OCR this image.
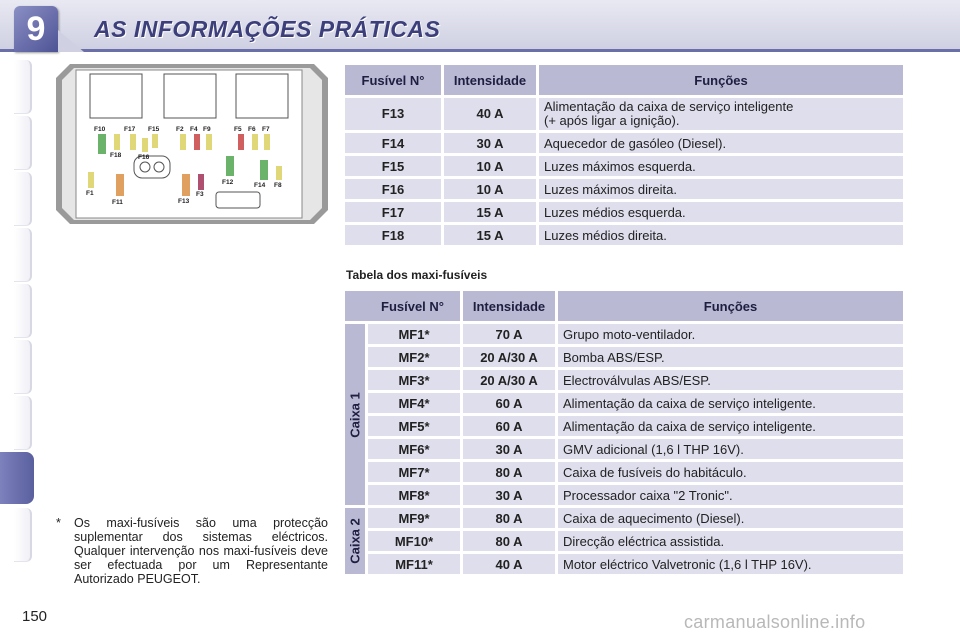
9	AS INFORMAÇÕES PRÁTICAS
F10	F17 F15	F2 F4 F9	F5 F6 F7
F18	F16
F12	F14 F8
F1
F11	F13
F3
Fusível N°	Intensidade	Funções
F13	40 A	Alimentação da caixa de serviço inteligente
(+ após ligar a ignição).
F14	30 A	Aquecedor de gasóleo (Diesel).
F15	10 A	Luzes máximos esquerda.
F16	10 A	Luzes máximos direita.
F17	15 A	Luzes médios esquerda.
F18	15 A	Luzes médios direita.
Tabela dos maxi-fusíveis
Fusível N°		Intensidade	Funções

Caixa 1	MF1*	70 A	Grupo moto-ventilador.
	MF2*	20 A/30 A	Bomba ABS/ESP.
	MF3*	20 A/30 A	Electroválvulas ABS/ESP.
	MF4*	60 A	Alimentação da caixa de serviço inteligente.
	MF5*	60 A	Alimentação da caixa de serviço inteligente.
	MF6*	30 A	GMV adicional (1,6 l THP 16V).
	MF7*	80 A	Caixa de fusíveis do habitáculo.
	MF8*	30 A	Processador caixa "2 Tronic".

Caixa 2	MF9*	80 A	Caixa de aquecimento (Diesel).
	MF10*	80 A	Direcção eléctrica assistida.
	MF11*	40 A	Motor eléctrico Valvetronic (1,6 l THP 16V).
*	Os maxi-fusíveis são uma protecção suplementar dos sistemas eléctricos. Qualquer intervenção nos maxi-fusíveis deve ser efectuada por um Representante Autorizado PEUGEOT.
150	carmanualsonline.info
